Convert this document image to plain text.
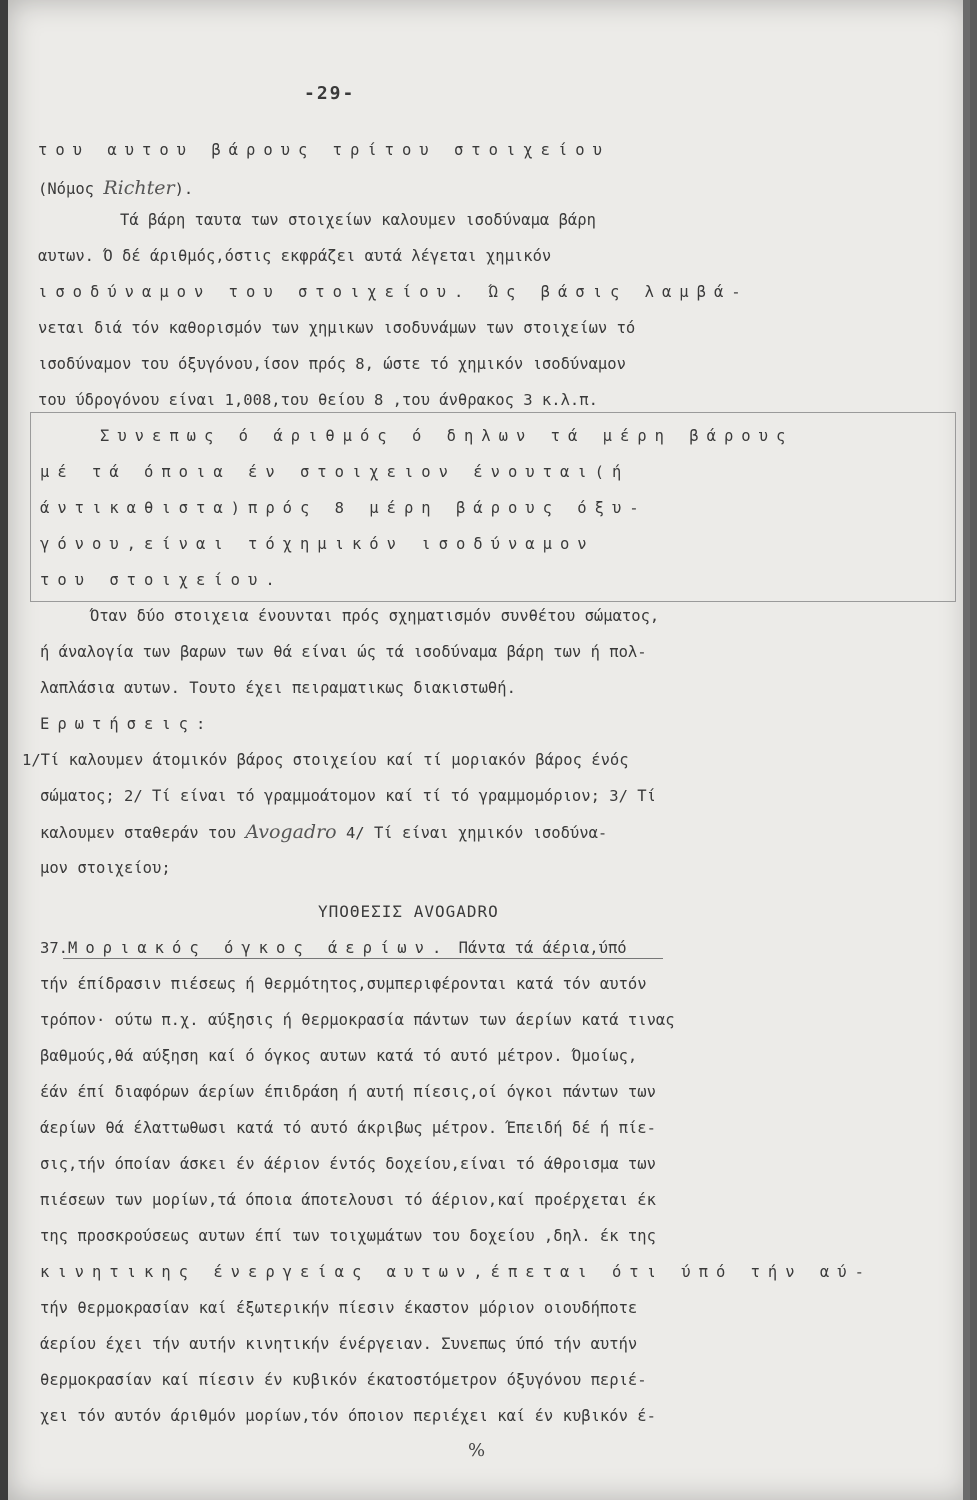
-29-
του αυτου βάρους τρίτου στοιχείου
(Νόμος Richter).
Τά βάρη ταυτα των στοιχείων καλουμεν ισοδύναμα βάρη
αυτων. Ό δέ άριθμός,όστις εκφράζει αυτά λέγεται χημικόν
ισοδύναμον του στοιχείου. Ώς βάσις λαμβά-
νεται διά τόν καθορισμόν των χημικων ισοδυνάμων των στοιχείων τό
ισοδύναμον του όξυγόνου,ίσον πρός 8, ώστε τό χημικόν ισοδύναμον
του ύδρογόνου είναι 1,008,του θείου 8 ,του άνθρακος 3 κ.λ.π.
Συνεπως ό άριθμός ό δηλων τά μέρη βάρους
μέ τά όποια έν στοιχειον ένουται(ή
άντικαθιστα)πρός 8 μέρη βάρους όξυ-
γόνου,είναι τόχημικόν ισοδύναμον
του στοιχείου.
Όταν δύο στοιχεια ένουνται πρός σχηματισμόν συνθέτου σώματος,
ή άναλογία των βαρων των θά είναι ώς τά ισοδύναμα βάρη των ή πολ-
λαπλάσια αυτων. Τουτο έχει πειραματικως διακιστωθή.
Ερωτήσεις:
1/Τί καλουμεν άτομικόν βάρος στοιχείου καί τί μοριακόν βάρος ένός
σώματος; 2/ Τί είναι τό γραμμοάτομον καί τί τό γραμμομόριον; 3/ Τί
καλουμεν σταθεράν του Avogadro 4/ Τί είναι χημικόν ισοδύνα-
μον στοιχείου;
ΥΠΟΘΕΣΙΣ AVOGADRO
37.Μοριακός όγκος άερίων. Πάντα τά άέρια,ύπό
τήν έπίδρασιν πιέσεως ή θερμότητος,συμπεριφέρονται κατά τόν αυτόν
τρόπον· ούτω π.χ. αύξησις ή θερμοκρασία πάντων των άερίων κατά τινας
βαθμούς,θά αύξηση καί ό όγκος αυτων κατά τό αυτό μέτρον. Όμοίως,
έάν έπί διαφόρων άερίων έπιδράση ή αυτή πίεσις,οί όγκοι πάντων των
άερίων θά έλαττωθωσι κατά τό αυτό άκριβως μέτρον. Έπειδή δέ ή πίε-
σις,τήν όποίαν άσκει έν άέριον έντός δοχείου,είναι τό άθροισμα των
πιέσεων των μορίων,τά όποια άποτελουσι τό άέριον,καί προέρχεται έκ
της προσκρούσεως αυτων έπί των τοιχωμάτων του δοχείου ,δηλ. έκ της
κινητικης ένεργείας αυτων,έπεται ότι ύπό τήν αύ-
τήν θερμοκρασίαν καί έξωτερικήν πίεσιν έκαστον μόριον οιουδήποτε
άερίου έχει τήν αυτήν κινητικήν ένέργειαν. Συνεπως ύπό τήν αυτήν
θερμοκρασίαν καί πίεσιν έν κυβικόν έκατοστόμετρον όξυγόνου περιέ-
χει τόν αυτόν άριθμόν μορίων,τόν όποιον περιέχει καί έν κυβικόν έ-
%
